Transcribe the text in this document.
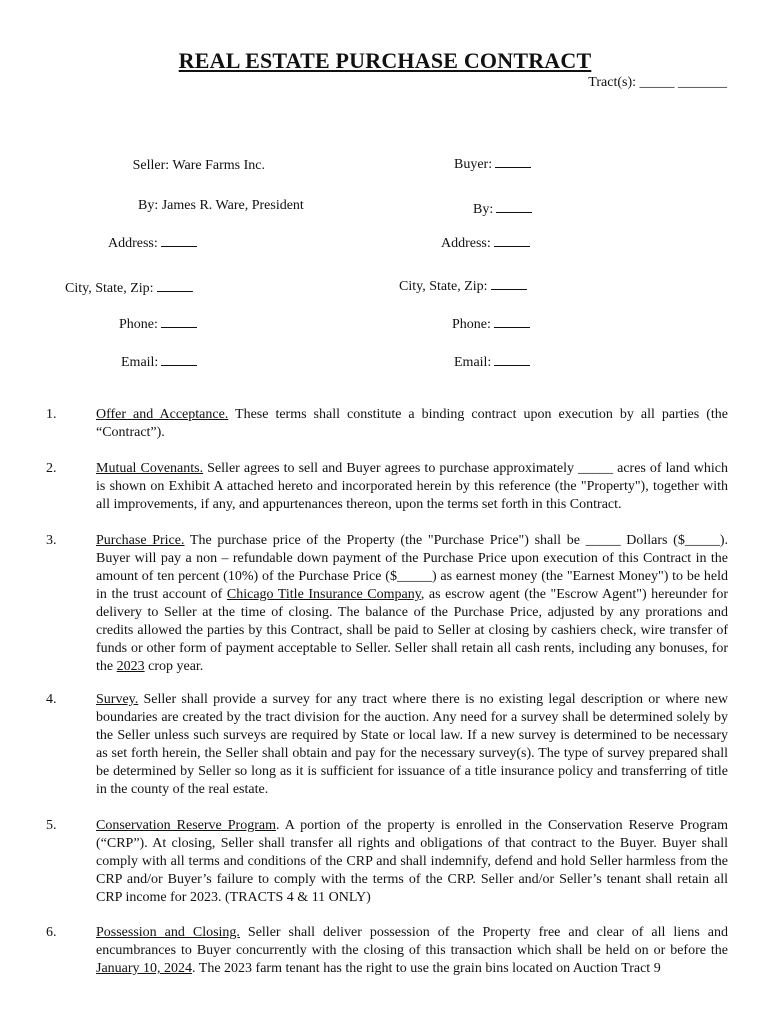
REAL ESTATE PURCHASE CONTRACT
Tract(s): _____ _______
Seller: Ware Farms Inc.
By: James R. Ware, President
Address:
City, State, Zip:
Phone:
Email:
Buyer:
By:
Address:
City, State, Zip:
Phone:
Email:
1.	Offer and Acceptance. These terms shall constitute a binding contract upon execution by all parties (the “Contract”).
2.	Mutual Covenants. Seller agrees to sell and Buyer agrees to purchase approximately _____ acres of land which is shown on Exhibit A attached hereto and incorporated herein by this reference (the "Property"), together with all improvements, if any, and appurtenances thereon, upon the terms set forth in this Contract.
3.	Purchase Price. The purchase price of the Property (the "Purchase Price") shall be _____ Dollars ($_____). Buyer will pay a non – refundable down payment of the Purchase Price upon execution of this Contract in the amount of ten percent (10%) of the Purchase Price ($_____) as earnest money (the "Earnest Money") to be held in the trust account of Chicago Title Insurance Company, as escrow agent (the "Escrow Agent") hereunder for delivery to Seller at the time of closing. The balance of the Purchase Price, adjusted by any prorations and credits allowed the parties by this Contract, shall be paid to Seller at closing by cashiers check, wire transfer of funds or other form of payment acceptable to Seller. Seller shall retain all cash rents, including any bonuses, for the 2023 crop year.
4.	Survey. Seller shall provide a survey for any tract where there is no existing legal description or where new boundaries are created by the tract division for the auction. Any need for a survey shall be determined solely by the Seller unless such surveys are required by State or local law. If a new survey is determined to be necessary as set forth herein, the Seller shall obtain and pay for the necessary survey(s). The type of survey prepared shall be determined by Seller so long as it is sufficient for issuance of a title insurance policy and transferring of title in the county of the real estate.
5.	Conservation Reserve Program. A portion of the property is enrolled in the Conservation Reserve Program (“CRP”). At closing, Seller shall transfer all rights and obligations of that contract to the Buyer. Buyer shall comply with all terms and conditions of the CRP and shall indemnify, defend and hold Seller harmless from the CRP and/or Buyer’s failure to comply with the terms of the CRP. Seller and/or Seller’s tenant shall retain all CRP income for 2023. (TRACTS 4 & 11 ONLY)
6.	Possession and Closing. Seller shall deliver possession of the Property free and clear of all liens and encumbrances to Buyer concurrently with the closing of this transaction which shall be held on or before the January 10, 2024. The 2023 farm tenant has the right to use the grain bins located on Auction Tract 9
